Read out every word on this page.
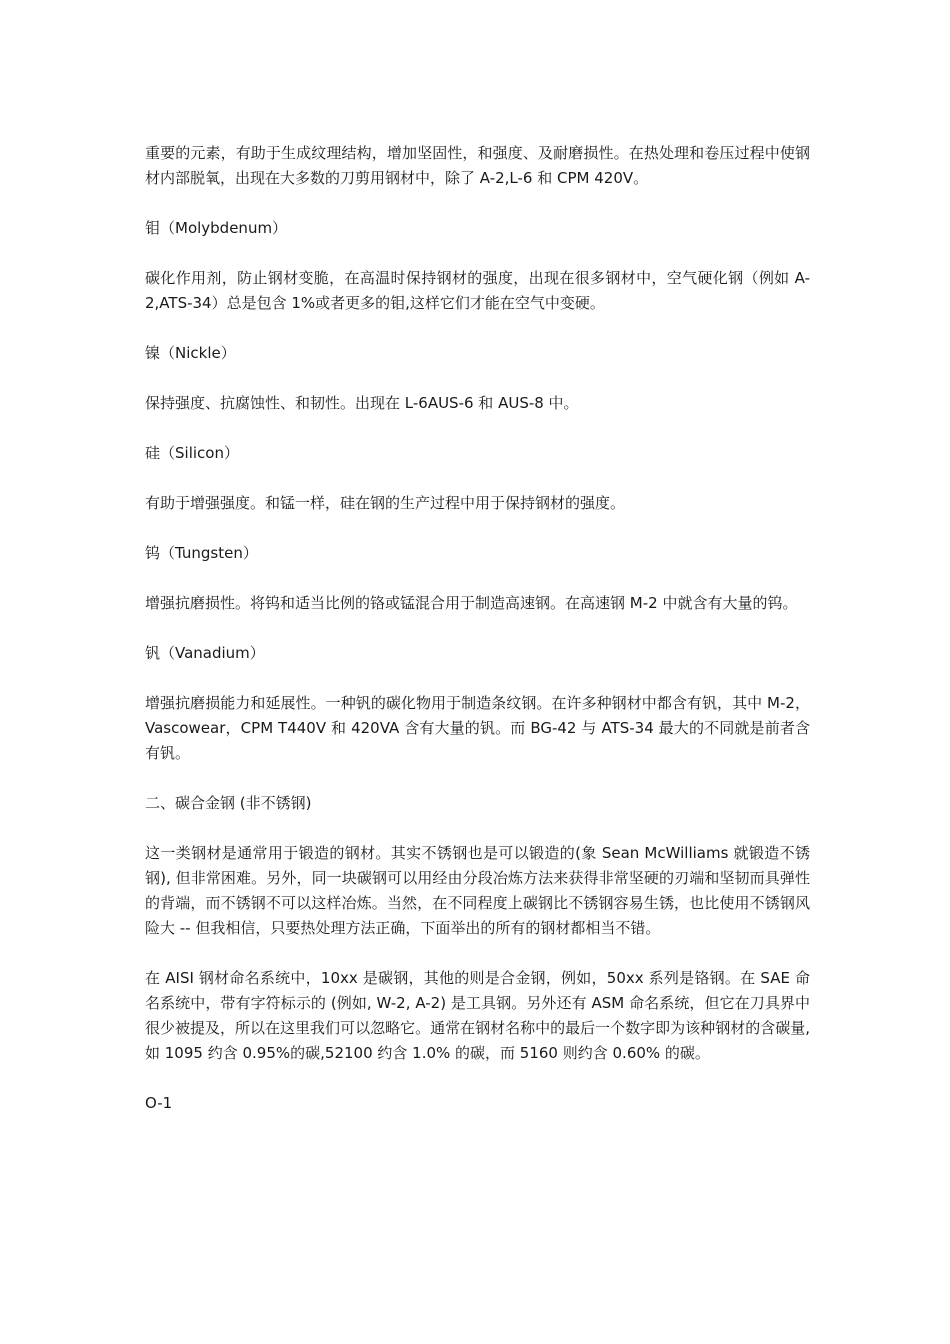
重要的元素，有助于生成纹理结构，增加坚固性，和强度、及耐磨损性。在热处理和卷压过程中使钢材内部脱氧，出现在大多数的刀剪用钢材中，除了 A-2,L-6 和 CPM 420V。

钼（Molybdenum）

碳化作用剂，防止钢材变脆，在高温时保持钢材的强度，出现在很多钢材中，空气硬化钢（例如 A-2,ATS-34）总是包含 1%或者更多的钼,这样它们才能在空气中变硬。

镍（Nickle）

保持强度、抗腐蚀性、和韧性。出现在 L-6AUS-6 和 AUS-8 中。

硅（Silicon）

有助于增强强度。和锰一样，硅在钢的生产过程中用于保持钢材的强度。

钨（Tungsten）

增强抗磨损性。将钨和适当比例的铬或锰混合用于制造高速钢。在高速钢 M-2 中就含有大量的钨。

钒（Vanadium）

增强抗磨损能力和延展性。一种钒的碳化物用于制造条纹钢。在许多种钢材中都含有钒，其中 M-2，Vascowear，CPM T440V 和 420VA 含有大量的钒。而 BG-42 与 ATS-34 最大的不同就是前者含有钒。

二、碳合金钢 (非不锈钢)

这一类钢材是通常用于锻造的钢材。其实不锈钢也是可以锻造的(象 Sean McWilliams 就锻造不锈钢), 但非常困难。另外，同一块碳钢可以用经由分段冶炼方法来获得非常坚硬的刃端和坚韧而具弹性的背端，而不锈钢不可以这样冶炼。当然，在不同程度上碳钢比不锈钢容易生锈，也比使用不锈钢风险大 -- 但我相信，只要热处理方法正确，下面举出的所有的钢材都相当不错。

在 AISI 钢材命名系统中，10xx 是碳钢，其他的则是合金钢，例如，50xx 系列是铬钢。在 SAE 命名系统中，带有字符标示的 (例如, W-2, A-2) 是工具钢。另外还有 ASM 命名系统，但它在刀具界中很少被提及，所以在这里我们可以忽略它。通常在钢材名称中的最后一个数字即为该种钢材的含碳量,如 1095 约含 0.95%的碳,52100 约含 1.0% 的碳，而 5160 则约含 0.60% 的碳。

O-1
